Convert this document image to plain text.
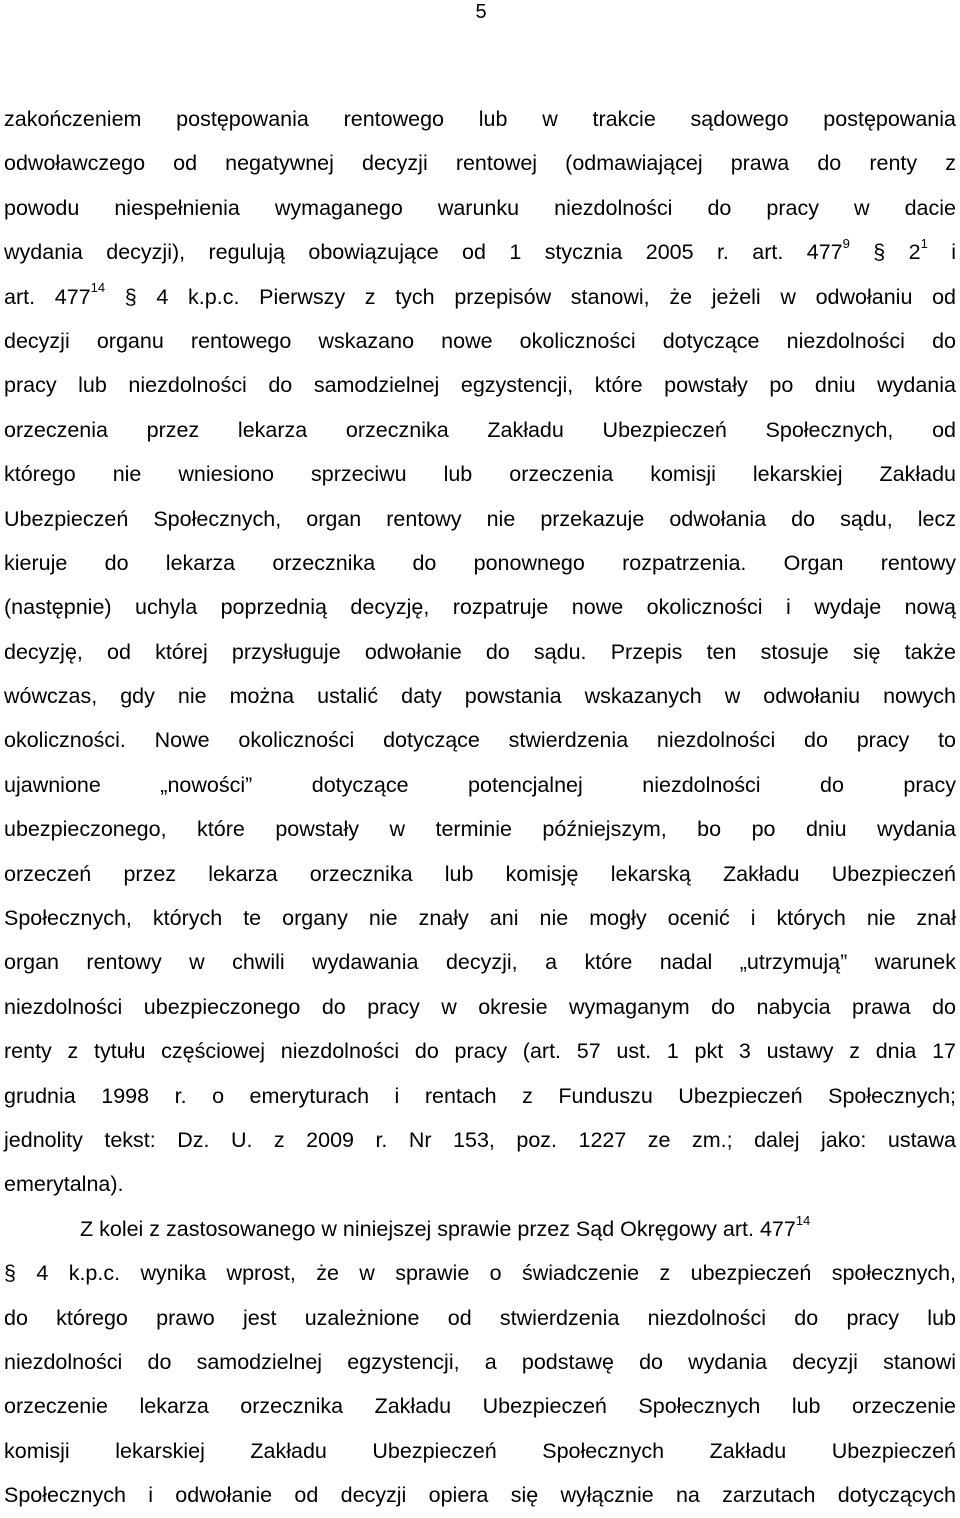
5
zakończeniem postępowania rentowego lub w trakcie sądowego postępowania
odwoławczego od negatywnej decyzji rentowej (odmawiającej prawa do renty z
powodu niespełnienia wymaganego warunku niezdolności do pracy w dacie
wydania decyzji), regulują obowiązujące od 1 stycznia 2005 r. art. $477^9$ § $2^1$ i
art. $477^{14}$ § 4 k.p.c. Pierwszy z tych przepisów stanowi, że jeżeli w odwołaniu od
decyzji organu rentowego wskazano nowe okoliczności dotyczące niezdolności do
pracy lub niezdolności do samodzielnej egzystencji, które powstały po dniu wydania
orzeczenia przez lekarza orzecznika Zakładu Ubezpieczeń Społecznych, od
którego nie wniesiono sprzeciwu lub orzeczenia komisji lekarskiej Zakładu
Ubezpieczeń Społecznych, organ rentowy nie przekazuje odwołania do sądu, lecz
kieruje do lekarza orzecznika do ponownego rozpatrzenia. Organ rentowy
(następnie) uchyla poprzednią decyzję, rozpatruje nowe okoliczności i wydaje nową
decyzję, od której przysługuje odwołanie do sądu. Przepis ten stosuje się także
wówczas, gdy nie można ustalić daty powstania wskazanych w odwołaniu nowych
okoliczności. Nowe okoliczności dotyczące stwierdzenia niezdolności do pracy to
ujawnione „nowości” dotyczące potencjalnej niezdolności do pracy
ubezpieczonego, które powstały w terminie późniejszym, bo po dniu wydania
orzeczeń przez lekarza orzecznika lub komisję lekarską Zakładu Ubezpieczeń
Społecznych, których te organy nie znały ani nie mogły ocenić i których nie znał
organ rentowy w chwili wydawania decyzji, a które nadal „utrzymują” warunek
niezdolności ubezpieczonego do pracy w okresie wymaganym do nabycia prawa do
renty z tytułu częściowej niezdolności do pracy (art. 57 ust. 1 pkt 3 ustawy z dnia 17
grudnia 1998 r. o emeryturach i rentach z Funduszu Ubezpieczeń Społecznych;
jednolity tekst: Dz. U. z 2009 r. Nr 153, poz. 1227 ze zm.; dalej jako: ustawa
emerytalna).
Z kolei z zastosowanego w niniejszej sprawie przez Sąd Okręgowy art. $477^{14}$
§ 4 k.p.c. wynika wprost, że w sprawie o świadczenie z ubezpieczeń społecznych,
do którego prawo jest uzależnione od stwierdzenia niezdolności do pracy lub
niezdolności do samodzielnej egzystencji, a podstawę do wydania decyzji stanowi
orzeczenie lekarza orzecznika Zakładu Ubezpieczeń Społecznych lub orzeczenie
komisji lekarskiej Zakładu Ubezpieczeń Społecznych Zakładu Ubezpieczeń
Społecznych i odwołanie od decyzji opiera się wyłącznie na zarzutach dotyczących
